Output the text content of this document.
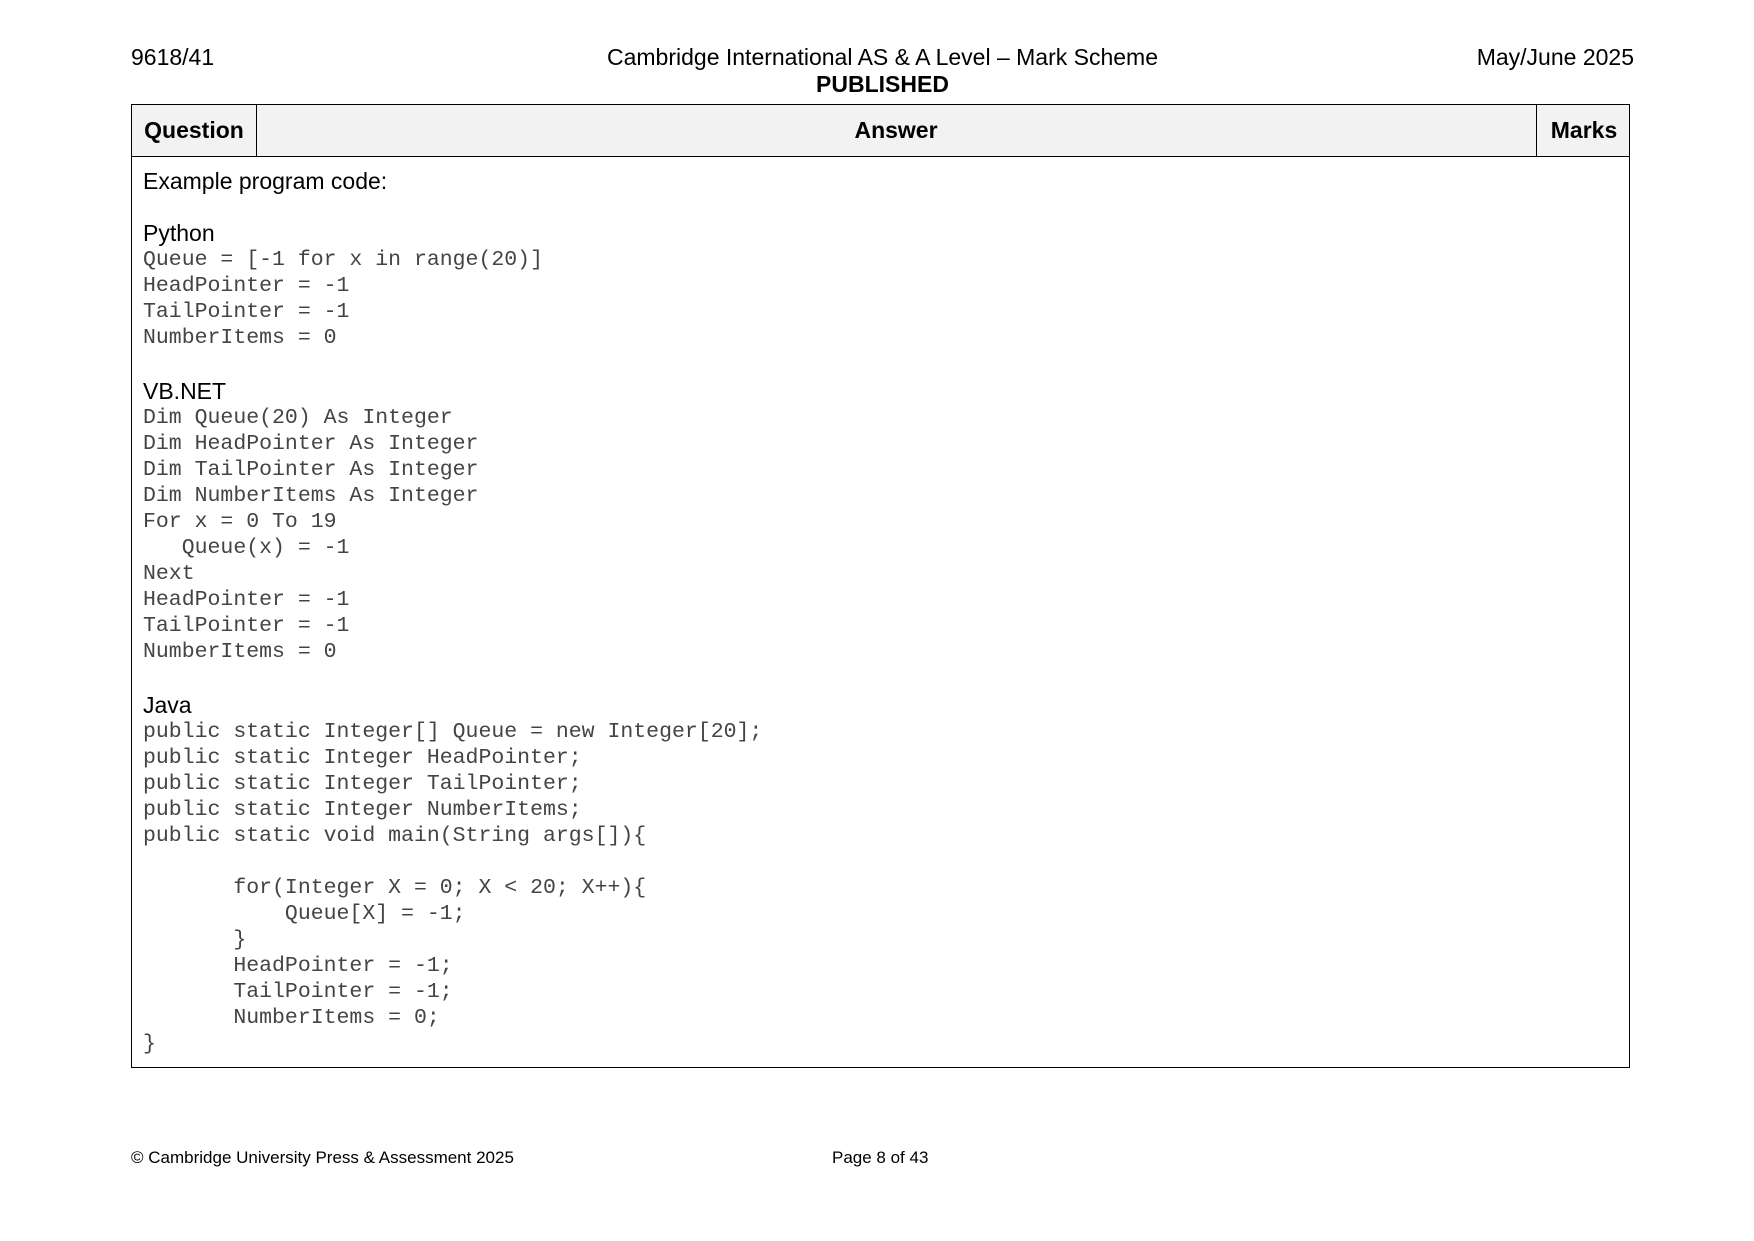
9618/41	Cambridge International AS & A Level – Mark Scheme
PUBLISHED
May/June 2025
Question	Answer	Marks
Example program code:
Python
Queue = [-1 for x in range(20)]
HeadPointer = -1
TailPointer = -1
NumberItems = 0
VB.NET
Dim Queue(20) As Integer
Dim HeadPointer As Integer
Dim TailPointer As Integer
Dim NumberItems As Integer
For x = 0 To 19
Queue(x) = -1
Next
HeadPointer = -1
TailPointer = -1
NumberItems = 0
Java
public static Integer[] Queue = new Integer[20];
public static Integer HeadPointer;
public static Integer TailPointer;
public static Integer NumberItems;
public static void main(String args[]){

for(Integer X = 0; X < 20; X++){
Queue[X] = -1;
}
HeadPointer = -1;
TailPointer = -1;
NumberItems = 0;
}
© Cambridge University Press & Assessment 2025	Page 8 of 43
